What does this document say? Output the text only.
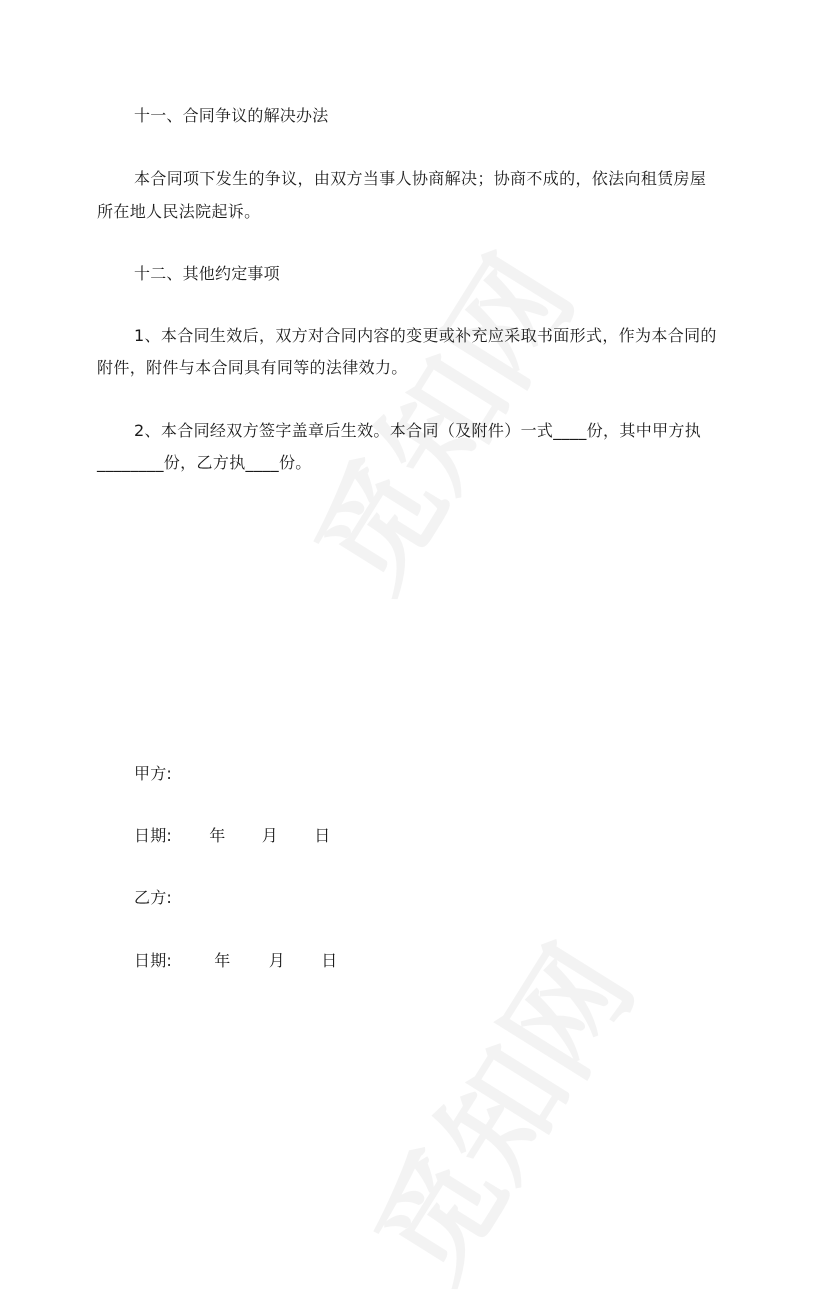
十一、合同争议的解决办法
本合同项下发生的争议，由双方当事人协商解决；协商不成的，依法向租赁房屋
所在地人民法院起诉。
十二、其他约定事项
1、本合同生效后，双方对合同内容的变更或补充应采取书面形式，作为本合同的
附件，附件与本合同具有同等的法律效力。
2、本合同经双方签字盖章后生效。本合同（及附件）一式____份，其中甲方执
________份，乙方执____份。
甲方:
日期: 年 月 日
乙方:
日期:	年 月 日
